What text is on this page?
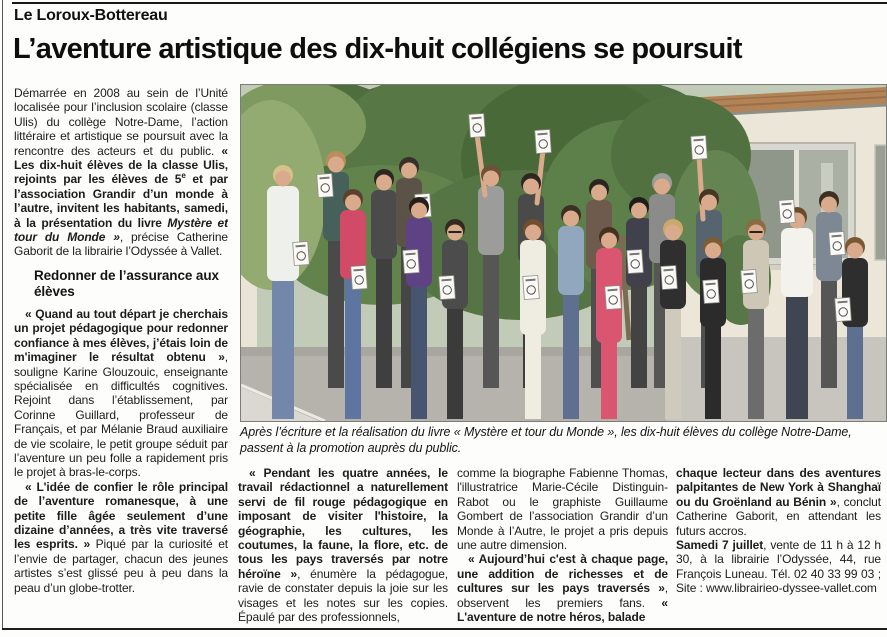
Le Loroux-Bottereau
L’aventure artistique des dix-huit collégiens se poursuit

Démarrée en 2008 au sein de l’Unité localisée pour l’inclusion scolaire (classe Ulis) du collège Notre-Dame, l’action littéraire et artistique se poursuit avec la rencontre des acteurs et du public. « Les dix-huit élèves de la classe Ulis, rejoints par les élèves de 5e et par l’association Grandir d’un monde à l’autre, invitent les habitants, samedi, à la présentation du livre Mystère et tour du Monde », précise Catherine Gaborit de la librairie l’Odyssée à Vallet.

Redonner de l’assurance aux élèves

« Quand au tout départ je cherchais un projet pédagogique pour redonner confiance à mes élèves, j’étais loin de m'imaginer le résultat obtenu », souligne Karine Glouzouic, enseignante spécialisée en difficultés cognitives. Rejoint dans l’établissement, par Corinne Guillard, professeur de Français, et par Mélanie Braud auxiliaire de vie scolaire, le petit groupe séduit par l’aventure un peu folle a rapidement pris le projet à bras-le-corps.

« L'idée de confier le rôle principal de l’aventure romanesque, à une petite fille âgée seulement d’une dizaine d’années, a très vite traversé les esprits. » Piqué par la curiosité et l’envie de partager, chacun des jeunes artistes s’est glissé peu à peu dans la peau d’un globe-trotter.

Après l’écriture et la réalisation du livre « Mystère et tour du Monde », les dix-huit élèves du collège Notre-Dame, passent à la promotion auprès du public.

« Pendant les quatre années, le travail rédactionnel a naturellement servi de fil rouge pédagogique en imposant de visiter l'histoire, la géographie, les cultures, les coutumes, la faune, la flore, etc. de tous les pays traversés par notre héroïne », énumère la pédagogue, ravie de constater depuis la joie sur les visages et les notes sur les copies. Épaulé par des professionnels,

comme la biographe Fabienne Thomas, l'illustratrice Marie-Cécile Distinguin-Rabot ou le graphiste Guillaume Gombert de l’association Grandir d’un Monde à l’Autre, le projet a pris depuis une autre dimension.

« Aujourd’hui c'est à chaque page, une addition de richesses et de cultures sur les pays traversés », observent les premiers fans. « L'aventure de notre héros, balade

chaque lecteur dans des aventures palpitantes de New York à Shanghaï ou du Groënland au Bénin », conclut Catherine Gaborit, en attendant les futurs accros.

Samedi 7 juillet, vente de 11 h à 12 h 30, à la librairie l’Odyssée, 44, rue François Luneau. Tél. 02 40 33 99 03 ; Site : www.librairieo-dyssee-vallet.com
